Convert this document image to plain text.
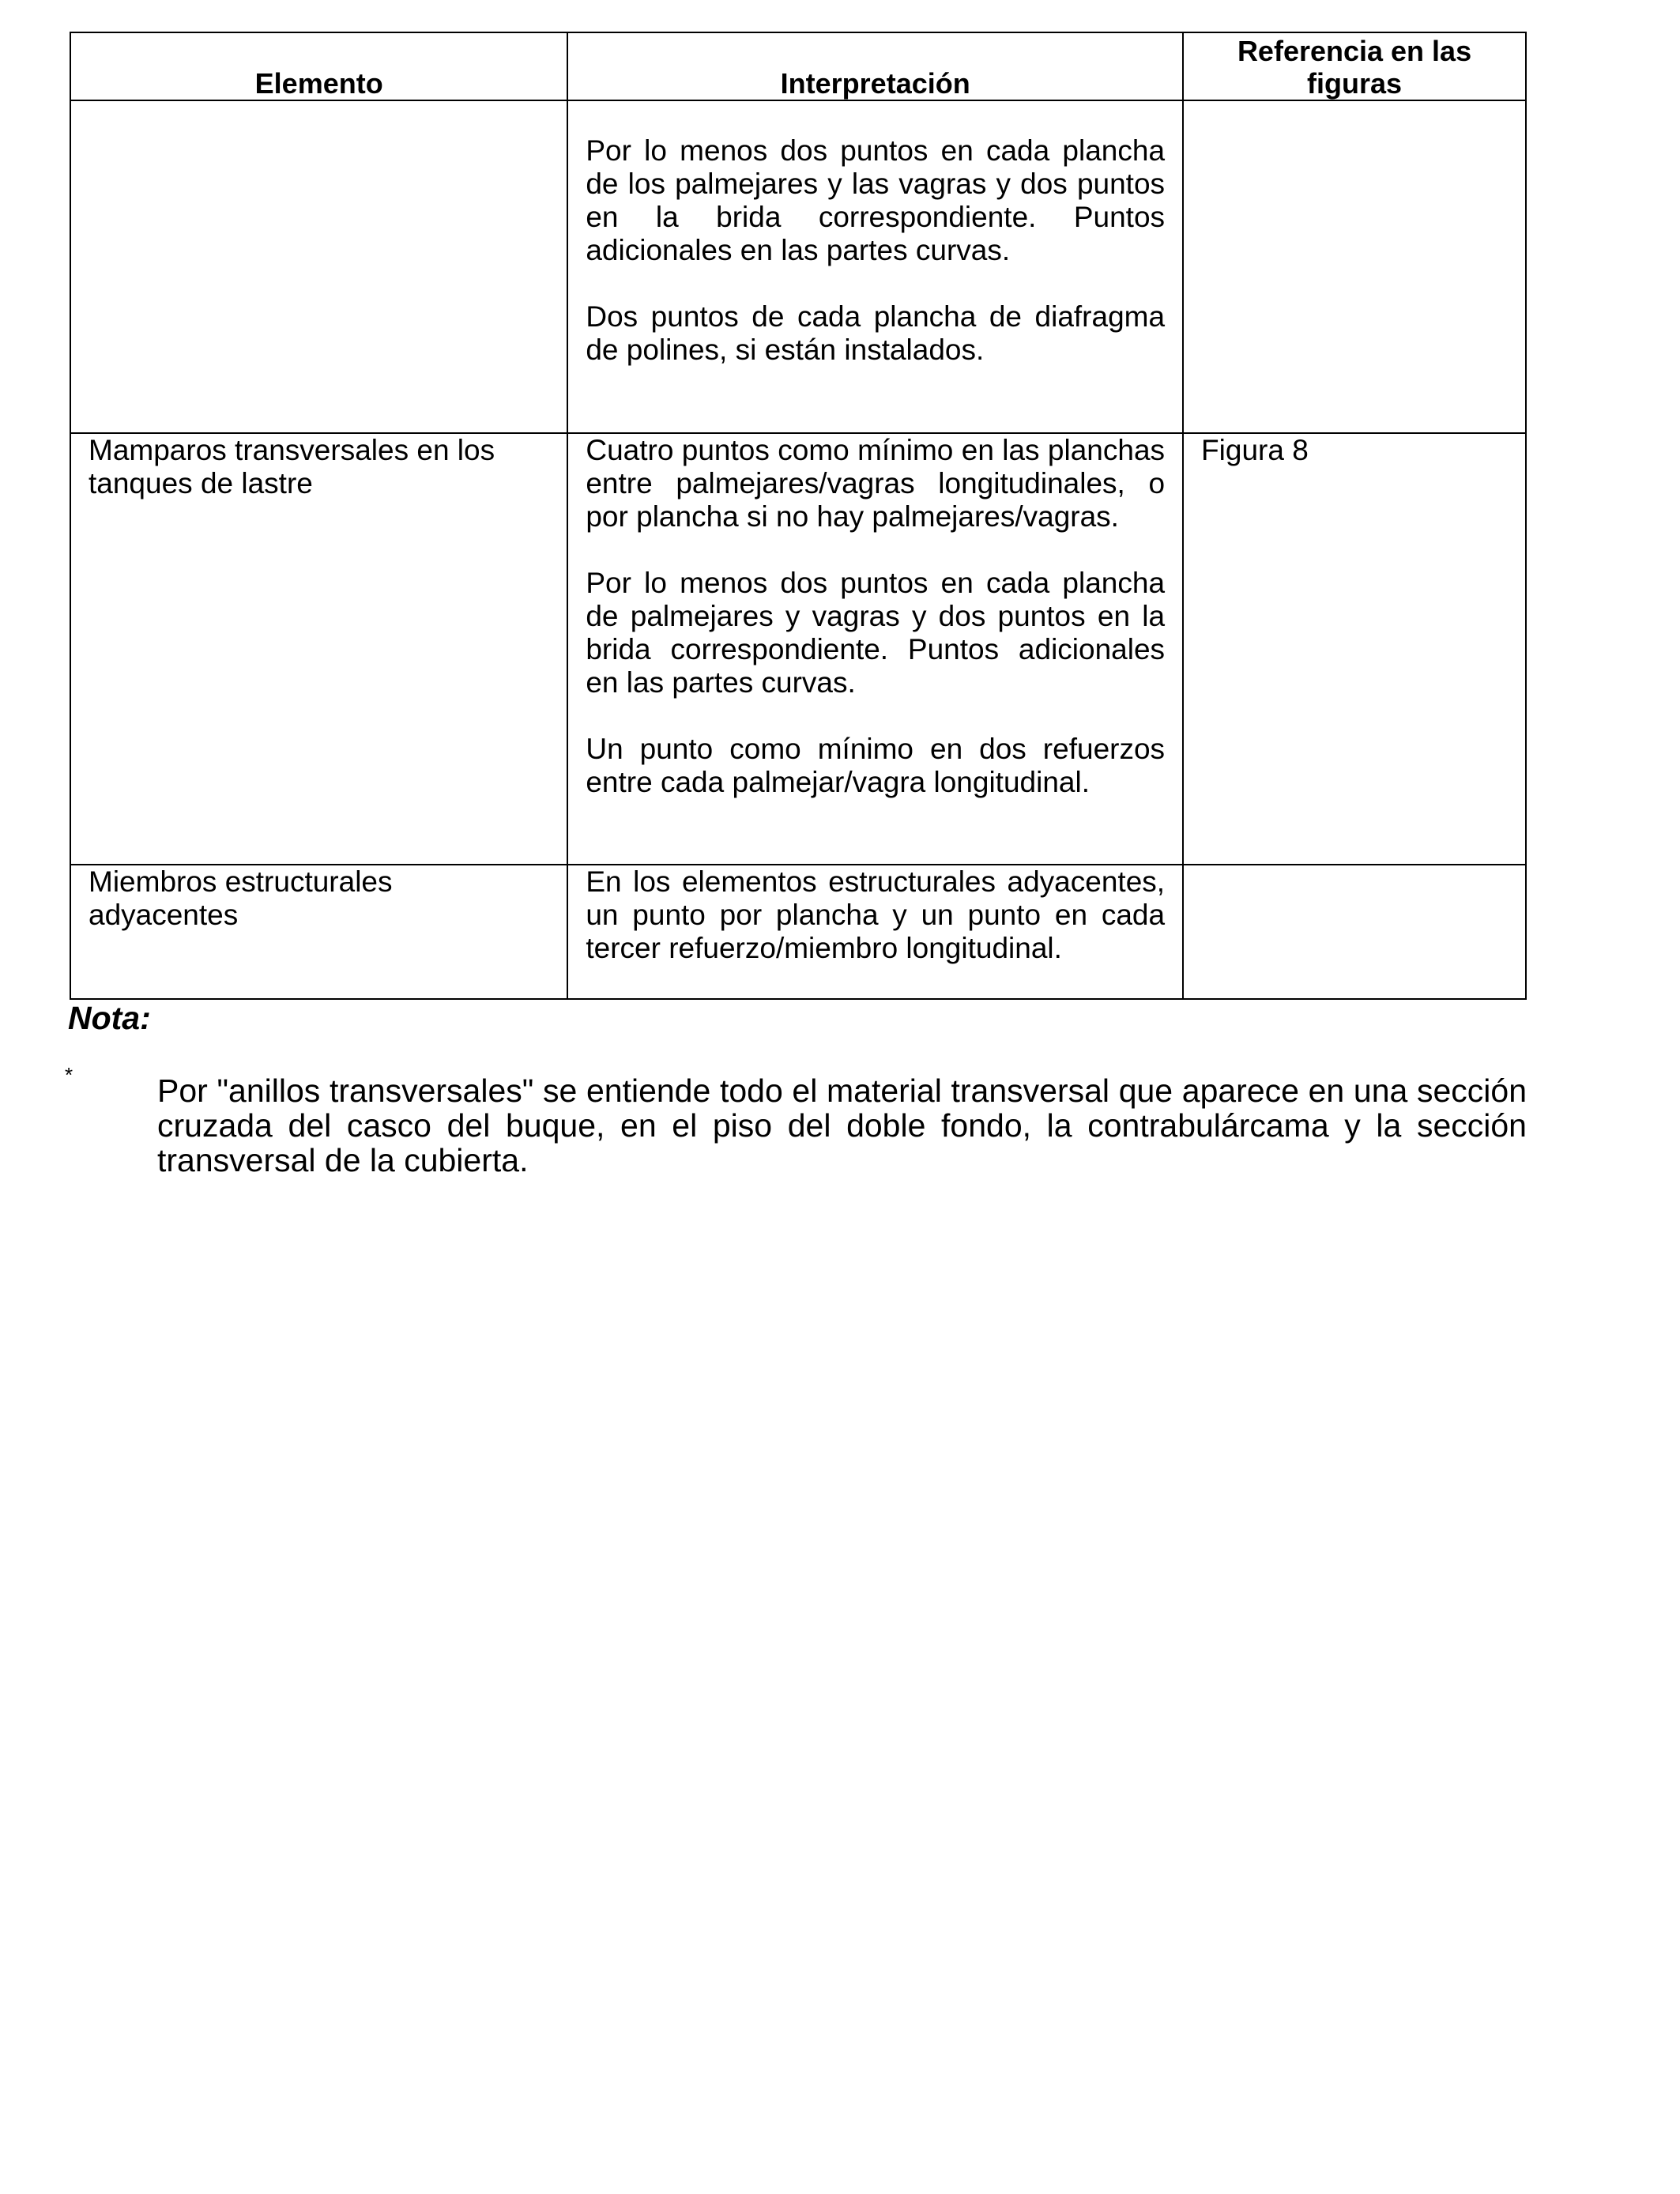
Elemento	Interpretación	Referencia en las figuras

	Por lo menos dos puntos en cada plancha de los palmejares y las vagras y dos puntos en la brida correspondiente. Puntos adicionales en las partes curvas.

Dos puntos de cada plancha de diafragma de polines, si están instalados.	

Mamparos transversales en los tanques de lastre	Cuatro puntos como mínimo en las planchas entre palmejares/vagras longitudinales, o por plancha si no hay palmejares/vagras.

Por lo menos dos puntos en cada plancha de palmejares y vagras y dos puntos en la brida correspondiente. Puntos adicionales en las partes curvas.

Un punto como mínimo en dos refuerzos entre cada palmejar/vagra longitudinal.	Figura 8
Miembros estructurales adyacentes	En los elementos estructurales adyacentes, un punto por plancha y un punto en cada tercer refuerzo/miembro longitudinal.	

Nota:
*	Por "anillos transversales" se entiende todo el material transversal que aparece en una sección cruzada del casco del buque, en el piso del doble fondo, la contrabulárcama y la sección transversal de la cubierta.
